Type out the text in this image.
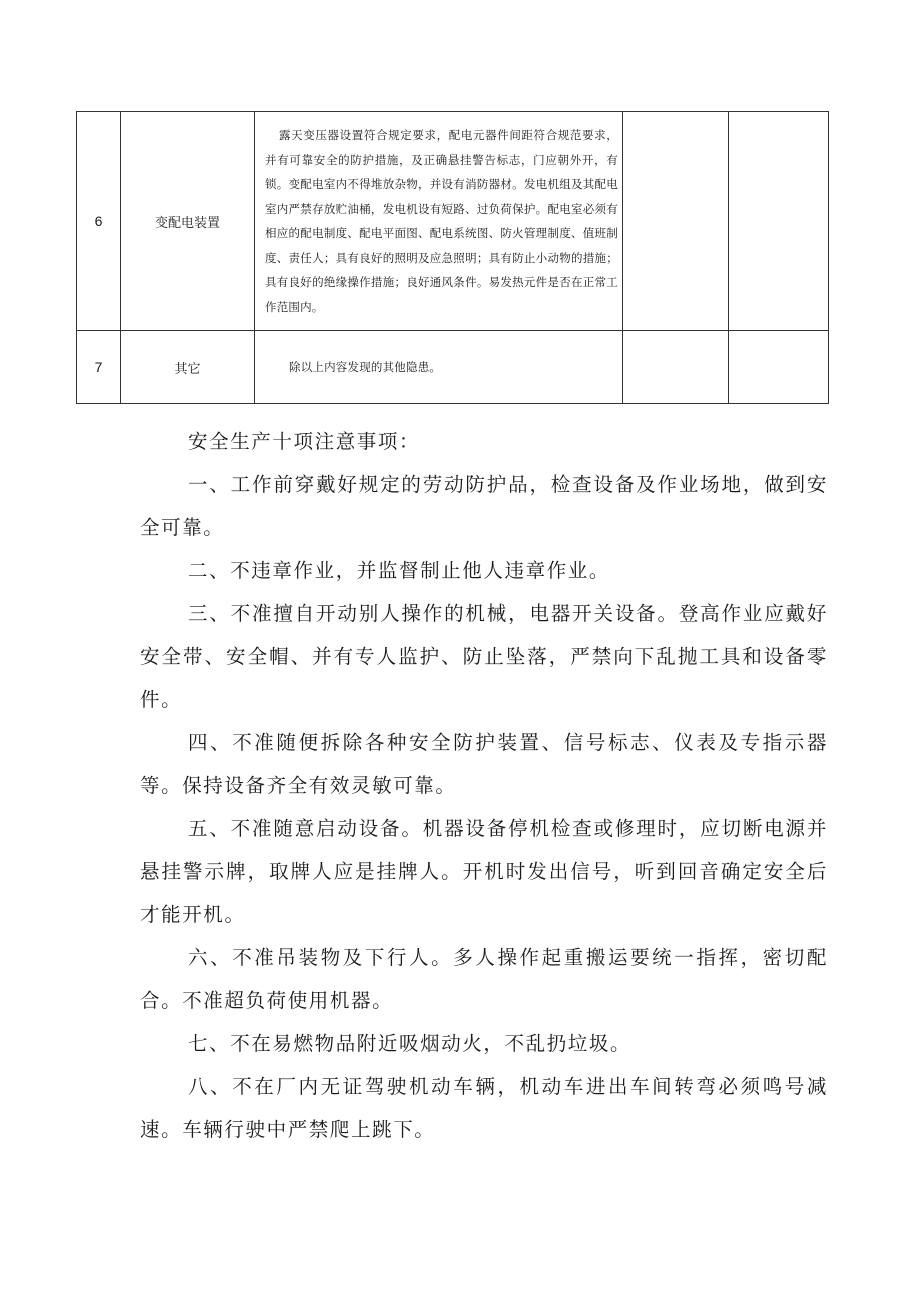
6	变配电装置	露天变压器设置符合规定要求，配电元器件间距符合规范要求，并有可靠安全的防护措施，及正确悬挂警告标志，门应朝外开，有锁。变配电室内不得堆放杂物，并设有消防器材。发电机组及其配电室内严禁存放贮油桶，发电机设有短路、过负荷保护。配电室必须有相应的配电制度、配电平面图、配电系统图、防火管理制度、值班制度、责任人；具有良好的照明及应急照明；具有防止小动物的措施；具有良好的绝缘操作措施；良好通风条件。易发热元件是否在正常工作范围内。		

7	其它	除以上内容发现的其他隐患。		

安全生产十项注意事项：

一、工作前穿戴好规定的劳动防护品，检查设备及作业场地，做到安全可靠。

二、不违章作业，并监督制止他人违章作业。

三、不准擅自开动别人操作的机械，电器开关设备。登高作业应戴好安全带、安全帽、并有专人监护、防止坠落，严禁向下乱抛工具和设备零件。

四、不准随便拆除各种安全防护装置、信号标志、仪表及专指示器等。保持设备齐全有效灵敏可靠。

五、不准随意启动设备。机器设备停机检查或修理时，应切断电源并悬挂警示牌，取牌人应是挂牌人。开机时发出信号，听到回音确定安全后才能开机。

六、不准吊装物及下行人。多人操作起重搬运要统一指挥，密切配合。不准超负荷使用机器。

七、不在易燃物品附近吸烟动火，不乱扔垃圾。

八、不在厂内无证驾驶机动车辆，机动车进出车间转弯必须鸣号减速。车辆行驶中严禁爬上跳下。
